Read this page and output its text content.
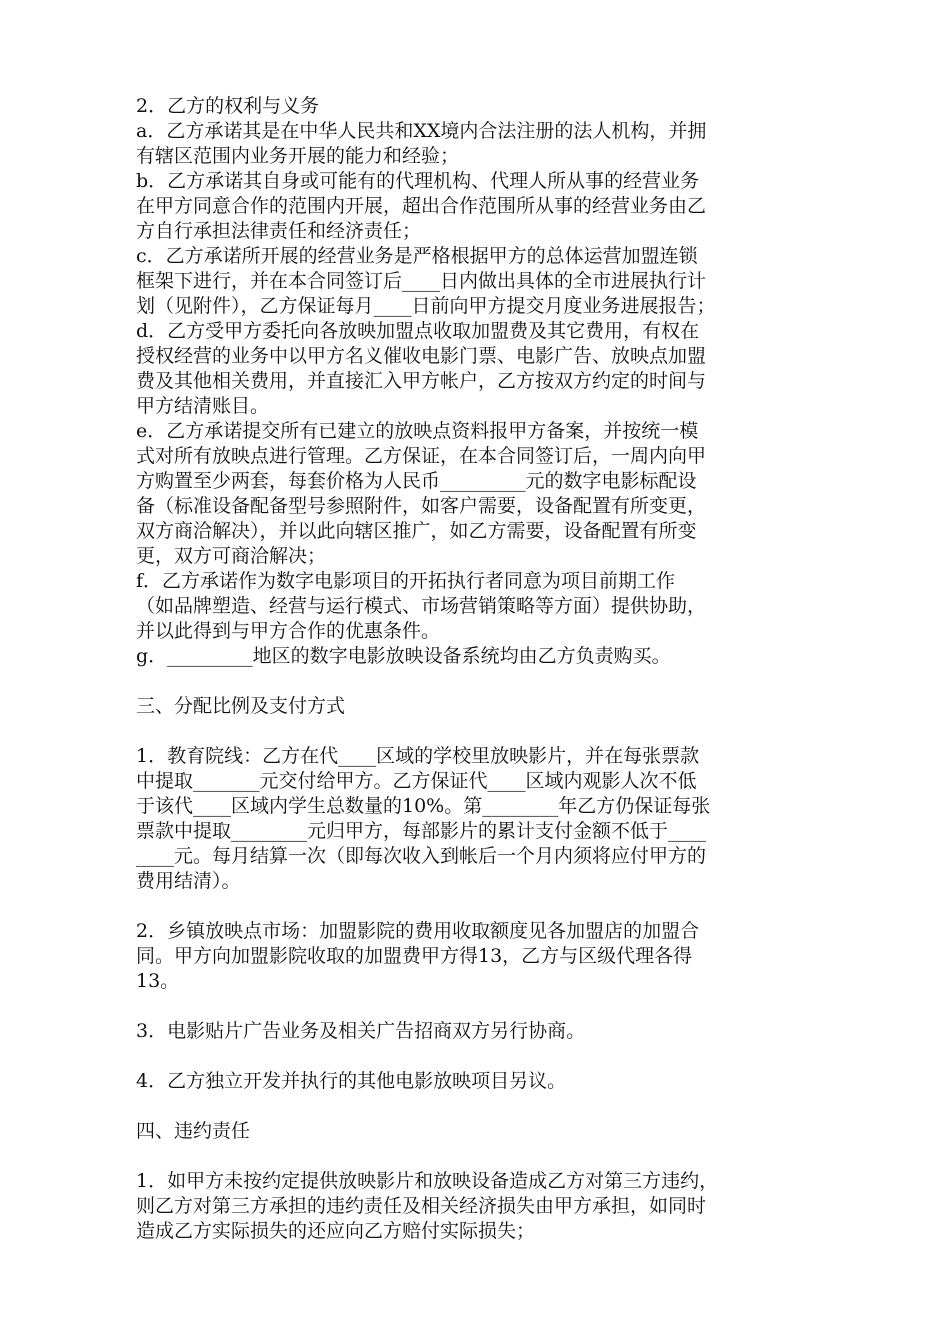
2．乙方的权利与义务
a．乙方承诺其是在中华人民共和XX境内合法注册的法人机构，并拥
有辖区范围内业务开展的能力和经验；
b．乙方承诺其自身或可能有的代理机构、代理人所从事的经营业务
在甲方同意合作的范围内开展，超出合作范围所从事的经营业务由乙
方自行承担法律责任和经济责任；
c．乙方承诺所开展的经营业务是严格根据甲方的总体运营加盟连锁
框架下进行，并在本合同签订后____日内做出具体的全市进展执行计
划（见附件），乙方保证每月____日前向甲方提交月度业务进展报告；
d．乙方受甲方委托向各放映加盟点收取加盟费及其它费用，有权在
授权经营的业务中以甲方名义催收电影门票、电影广告、放映点加盟
费及其他相关费用，并直接汇入甲方帐户，乙方按双方约定的时间与
甲方结清账目。
e．乙方承诺提交所有已建立的放映点资料报甲方备案，并按统一模
式对所有放映点进行管理。乙方保证，在本合同签订后，一周内向甲
方购置至少两套，每套价格为人民币_________元的数字电影标配设
备（标准设备配备型号参照附件，如客户需要，设备配置有所变更，
双方商洽解决），并以此向辖区推广，如乙方需要，设备配置有所变
更，双方可商洽解决；
f．乙方承诺作为数字电影项目的开拓执行者同意为项目前期工作
（如品牌塑造、经营与运行模式、市场营销策略等方面）提供协助，
并以此得到与甲方合作的优惠条件。
g．_________地区的数字电影放映设备系统均由乙方负责购买。
三、分配比例及支付方式
1．教育院线：乙方在代____区域的学校里放映影片，并在每张票款
中提取_______元交付给甲方。乙方保证代____区域内观影人次不低
于该代____区域内学生总数量的10%。第________年乙方仍保证每张
票款中提取________元归甲方，每部影片的累计支付金额不低于____
____元。每月结算一次（即每次收入到帐后一个月内须将应付甲方的
费用结清）。
2．乡镇放映点市场：加盟影院的费用收取额度见各加盟店的加盟合
同。甲方向加盟影院收取的加盟费甲方得13，乙方与区级代理各得
13。
3．电影贴片广告业务及相关广告招商双方另行协商。
4．乙方独立开发并执行的其他电影放映项目另议。
四、违约责任
1．如甲方未按约定提供放映影片和放映设备造成乙方对第三方违约，
则乙方对第三方承担的违约责任及相关经济损失由甲方承担，如同时
造成乙方实际损失的还应向乙方赔付实际损失；
